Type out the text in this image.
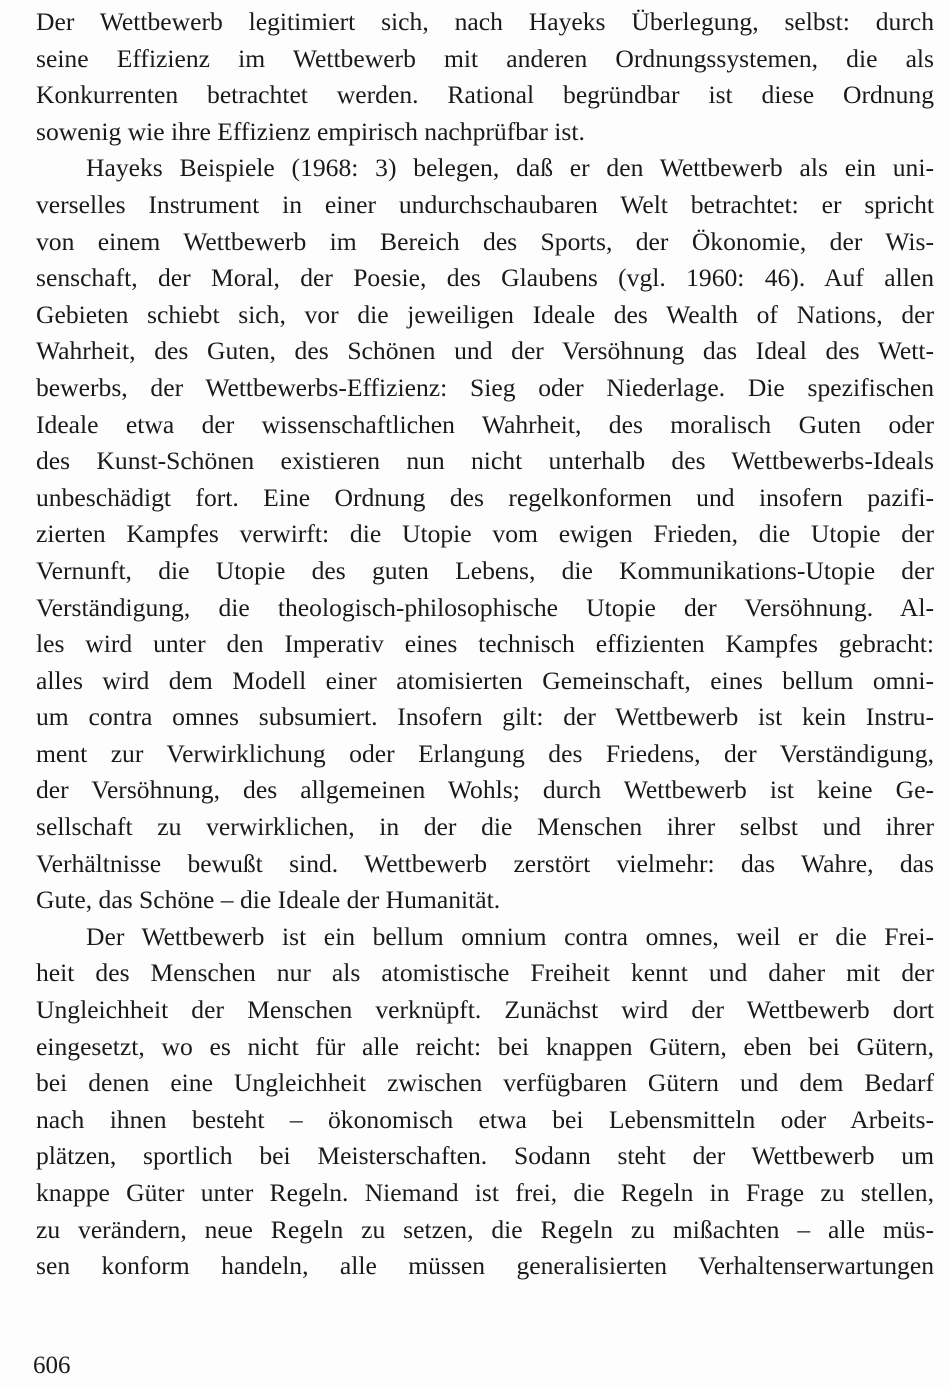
Der Wettbewerb legitimiert sich, nach Hayeks Überlegung, selbst: durch
seine Effizienz im Wettbewerb mit anderen Ordnungssystemen, die als
Konkurrenten betrachtet werden. Rational begründbar ist diese Ordnung
sowenig wie ihre Effizienz empirisch nachprüfbar ist.
Hayeks Beispiele (1968: 3) belegen, daß er den Wettbewerb als ein uni-
verselles Instrument in einer undurchschaubaren Welt betrachtet: er spricht
von einem Wettbewerb im Bereich des Sports, der Ökonomie, der Wis-
senschaft, der Moral, der Poesie, des Glaubens (vgl. 1960: 46). Auf allen
Gebieten schiebt sich, vor die jeweiligen Ideale des Wealth of Nations, der
Wahrheit, des Guten, des Schönen und der Versöhnung das Ideal des Wett-
bewerbs, der Wettbewerbs-Effizienz: Sieg oder Niederlage. Die spezifischen
Ideale etwa der wissenschaftlichen Wahrheit, des moralisch Guten oder
des Kunst-Schönen existieren nun nicht unterhalb des Wettbewerbs-Ideals
unbeschädigt fort. Eine Ordnung des regelkonformen und insofern pazifi-
zierten Kampfes verwirft: die Utopie vom ewigen Frieden, die Utopie der
Vernunft, die Utopie des guten Lebens, die Kommunikations-Utopie der
Verständigung, die theologisch-philosophische Utopie der Versöhnung. Al-
les wird unter den Imperativ eines technisch effizienten Kampfes gebracht:
alles wird dem Modell einer atomisierten Gemeinschaft, eines bellum omni-
um contra omnes subsumiert. Insofern gilt: der Wettbewerb ist kein Instru-
ment zur Verwirklichung oder Erlangung des Friedens, der Verständigung,
der Versöhnung, des allgemeinen Wohls; durch Wettbewerb ist keine Ge-
sellschaft zu verwirklichen, in der die Menschen ihrer selbst und ihrer
Verhältnisse bewußt sind. Wettbewerb zerstört vielmehr: das Wahre, das
Gute, das Schöne – die Ideale der Humanität.
Der Wettbewerb ist ein bellum omnium contra omnes, weil er die Frei-
heit des Menschen nur als atomistische Freiheit kennt und daher mit der
Ungleichheit der Menschen verknüpft. Zunächst wird der Wettbewerb dort
eingesetzt, wo es nicht für alle reicht: bei knappen Gütern, eben bei Gütern,
bei denen eine Ungleichheit zwischen verfügbaren Gütern und dem Bedarf
nach ihnen besteht – ökonomisch etwa bei Lebensmitteln oder Arbeits-
plätzen, sportlich bei Meisterschaften. Sodann steht der Wettbewerb um
knappe Güter unter Regeln. Niemand ist frei, die Regeln in Frage zu stellen,
zu verändern, neue Regeln zu setzen, die Regeln zu mißachten – alle müs-
sen konform handeln, alle müssen generalisierten Verhaltenserwartungen
606
